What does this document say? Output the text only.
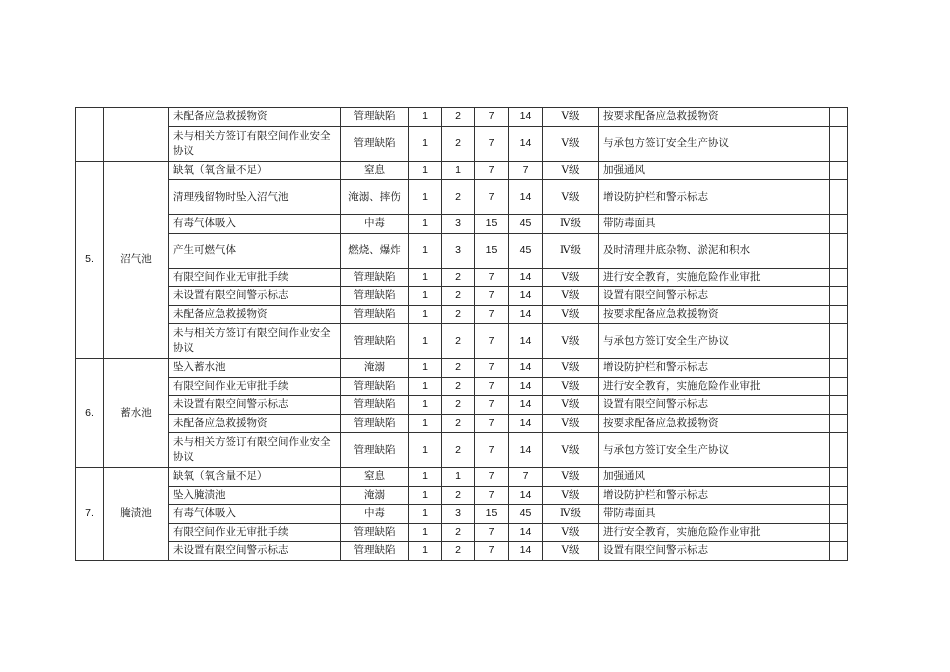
		未配备应急救援物资	管理缺陷	1	2	7	14	Ⅴ级	按要求配备应急救援物资	
		未与相关方签订有限空间作业安全协议	管理缺陷	1	2	7	14	Ⅴ级	与承包方签订安全生产协议	
5.	沼气池	缺氧（氧含量不足）	窒息	1	1	7	7	Ⅴ级	加强通风	
		清理残留物时坠入沼气池	淹溺、摔伤	1	2	7	14	Ⅴ级	增设防护栏和警示标志	
		有毒气体吸入	中毒	1	3	15	45	Ⅳ级	带防毒面具	
		产生可燃气体	燃烧、爆炸	1	3	15	45	Ⅳ级	及时清理井底杂物、淤泥和积水	
		有限空间作业无审批手续	管理缺陷	1	2	7	14	Ⅴ级	进行安全教育，实施危险作业审批	
		未设置有限空间警示标志	管理缺陷	1	2	7	14	Ⅴ级	设置有限空间警示标志	
		未配备应急救援物资	管理缺陷	1	2	7	14	Ⅴ级	按要求配备应急救援物资	
		未与相关方签订有限空间作业安全协议	管理缺陷	1	2	7	14	Ⅴ级	与承包方签订安全生产协议	
6.	蓄水池	坠入蓄水池	淹溺	1	2	7	14	Ⅴ级	增设防护栏和警示标志	
		有限空间作业无审批手续	管理缺陷	1	2	7	14	Ⅴ级	进行安全教育，实施危险作业审批	
		未设置有限空间警示标志	管理缺陷	1	2	7	14	Ⅴ级	设置有限空间警示标志	
		未配备应急救援物资	管理缺陷	1	2	7	14	Ⅴ级	按要求配备应急救援物资	
		未与相关方签订有限空间作业安全协议	管理缺陷	1	2	7	14	Ⅴ级	与承包方签订安全生产协议	
7.	腌渍池	缺氧（氧含量不足）	窒息	1	1	7	7	Ⅴ级	加强通风	
		坠入腌渍池	淹溺	1	2	7	14	Ⅴ级	增设防护栏和警示标志	
		有毒气体吸入	中毒	1	3	15	45	Ⅳ级	带防毒面具	
		有限空间作业无审批手续	管理缺陷	1	2	7	14	Ⅴ级	进行安全教育，实施危险作业审批	
		未设置有限空间警示标志	管理缺陷	1	2	7	14	Ⅴ级	设置有限空间警示标志	
